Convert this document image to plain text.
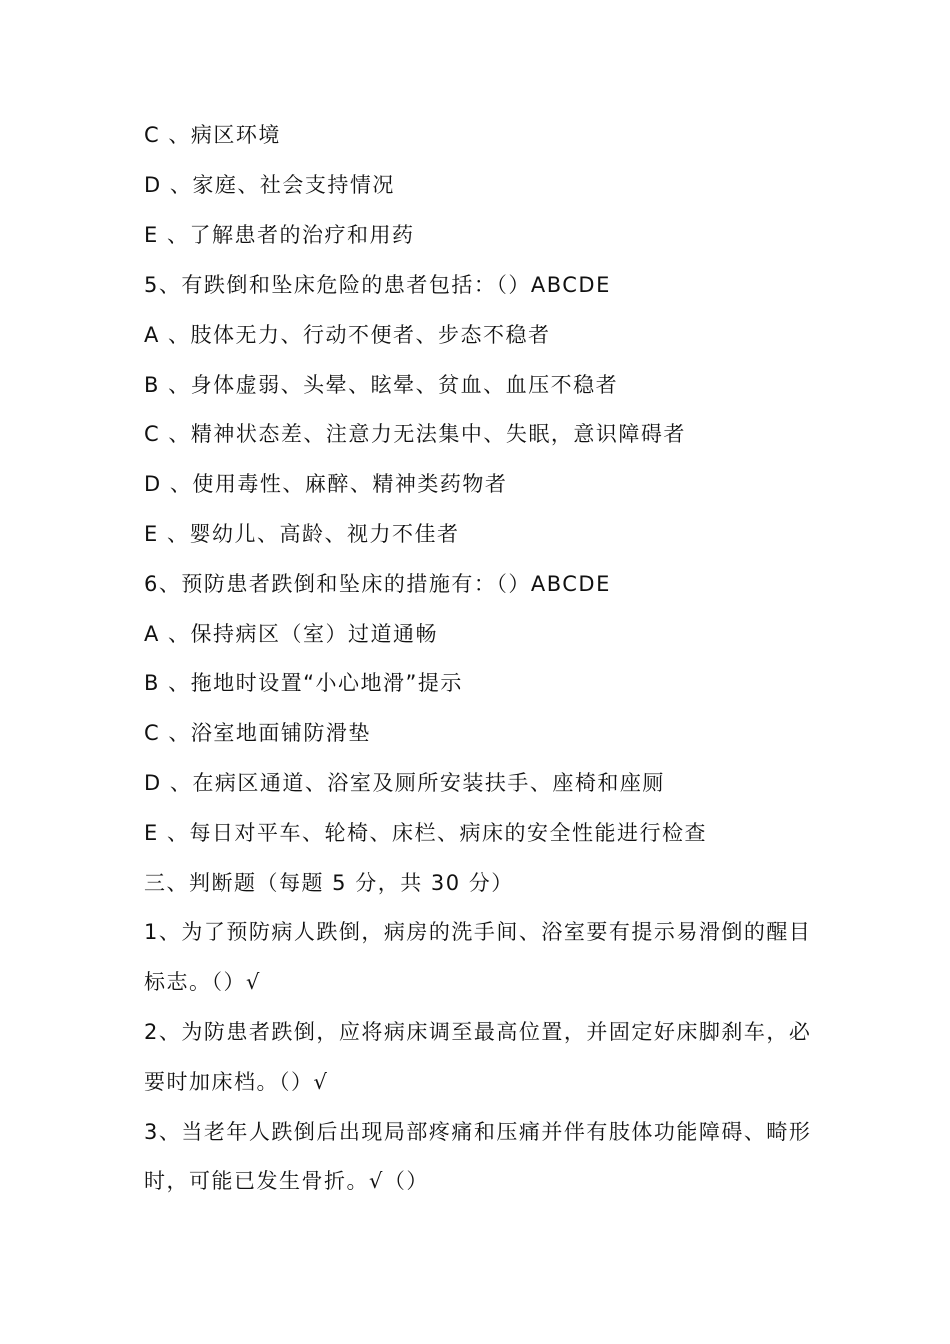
C 、病区环境
D 、家庭、社会支持情况
E 、了解患者的治疗和用药
5、有跌倒和坠床危险的患者包括：（）ABCDE
A 、肢体无力、行动不便者、步态不稳者
B 、身体虚弱、头晕、眩晕、贫血、血压不稳者
C 、精神状态差、注意力无法集中、失眠，意识障碍者
D 、使用毒性、麻醉、精神类药物者
E 、婴幼儿、高龄、视力不佳者
6、预防患者跌倒和坠床的措施有：（）ABCDE
A 、保持病区（室）过道通畅
B 、拖地时设置“小心地滑”提示
C 、浴室地面铺防滑垫
D 、在病区通道、浴室及厕所安装扶手、座椅和座厕
E 、每日对平车、轮椅、床栏、病床的安全性能进行检查
三、判断题（每题 5 分，共 30 分）
1、为了预防病人跌倒，病房的洗手间、浴室要有提示易滑倒的醒目
标志。（）√
2、为防患者跌倒，应将病床调至最高位置，并固定好床脚刹车，必
要时加床档。（）√
3、当老年人跌倒后出现局部疼痛和压痛并伴有肢体功能障碍、畸形
时，可能已发生骨折。√（）
